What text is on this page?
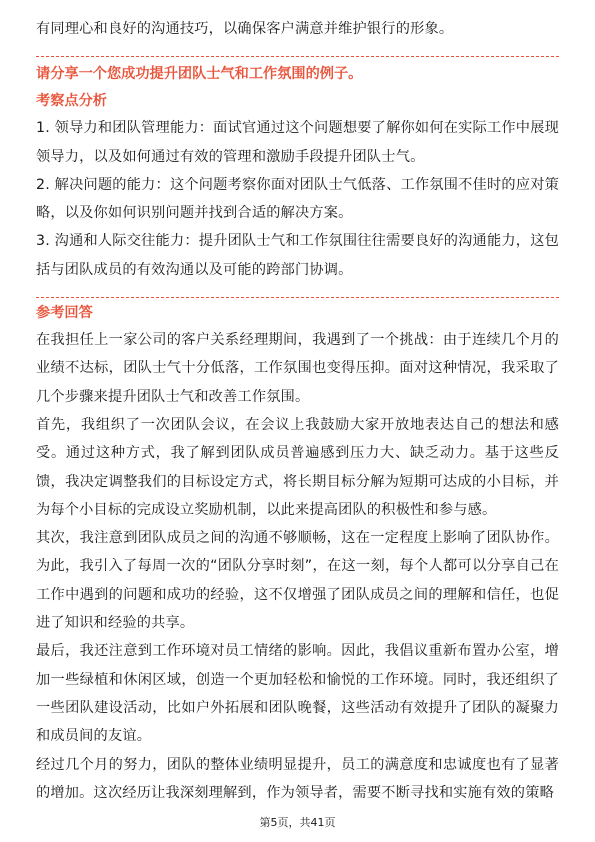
有同理心和良好的沟通技巧，以确保客户满意并维护银行的形象。

请分享一个您成功提升团队士气和工作氛围的例子。

考察点分析

1. 领导力和团队管理能力：面试官通过这个问题想要了解你如何在实际工作中展现领导力，以及如何通过有效的管理和激励手段提升团队士气。

2. 解决问题的能力：这个问题考察你面对团队士气低落、工作氛围不佳时的应对策略，以及你如何识别问题并找到合适的解决方案。

3. 沟通和人际交往能力：提升团队士气和工作氛围往往需要良好的沟通能力，这包括与团队成员的有效沟通以及可能的跨部门协调。

参考回答

在我担任上一家公司的客户关系经理期间，我遇到了一个挑战：由于连续几个月的业绩不达标，团队士气十分低落，工作氛围也变得压抑。面对这种情况，我采取了几个步骤来提升团队士气和改善工作氛围。

首先，我组织了一次团队会议，在会议上我鼓励大家开放地表达自己的想法和感受。通过这种方式，我了解到团队成员普遍感到压力大、缺乏动力。基于这些反馈，我决定调整我们的目标设定方式，将长期目标分解为短期可达成的小目标，并为每个小目标的完成设立奖励机制，以此来提高团队的积极性和参与感。

其次，我注意到团队成员之间的沟通不够顺畅，这在一定程度上影响了团队协作。为此，我引入了每周一次的“团队分享时刻”，在这一刻，每个人都可以分享自己在工作中遇到的问题和成功的经验，这不仅增强了团队成员之间的理解和信任，也促进了知识和经验的共享。

最后，我还注意到工作环境对员工情绪的影响。因此，我倡议重新布置办公室，增加一些绿植和休闲区域，创造一个更加轻松和愉悦的工作环境。同时，我还组织了一些团队建设活动，比如户外拓展和团队晚餐，这些活动有效提升了团队的凝聚力和成员间的友谊。

经过几个月的努力，团队的整体业绩明显提升，员工的满意度和忠诚度也有了显著的增加。这次经历让我深刻理解到，作为领导者，需要不断寻找和实施有效的策略

第5页，共41页
